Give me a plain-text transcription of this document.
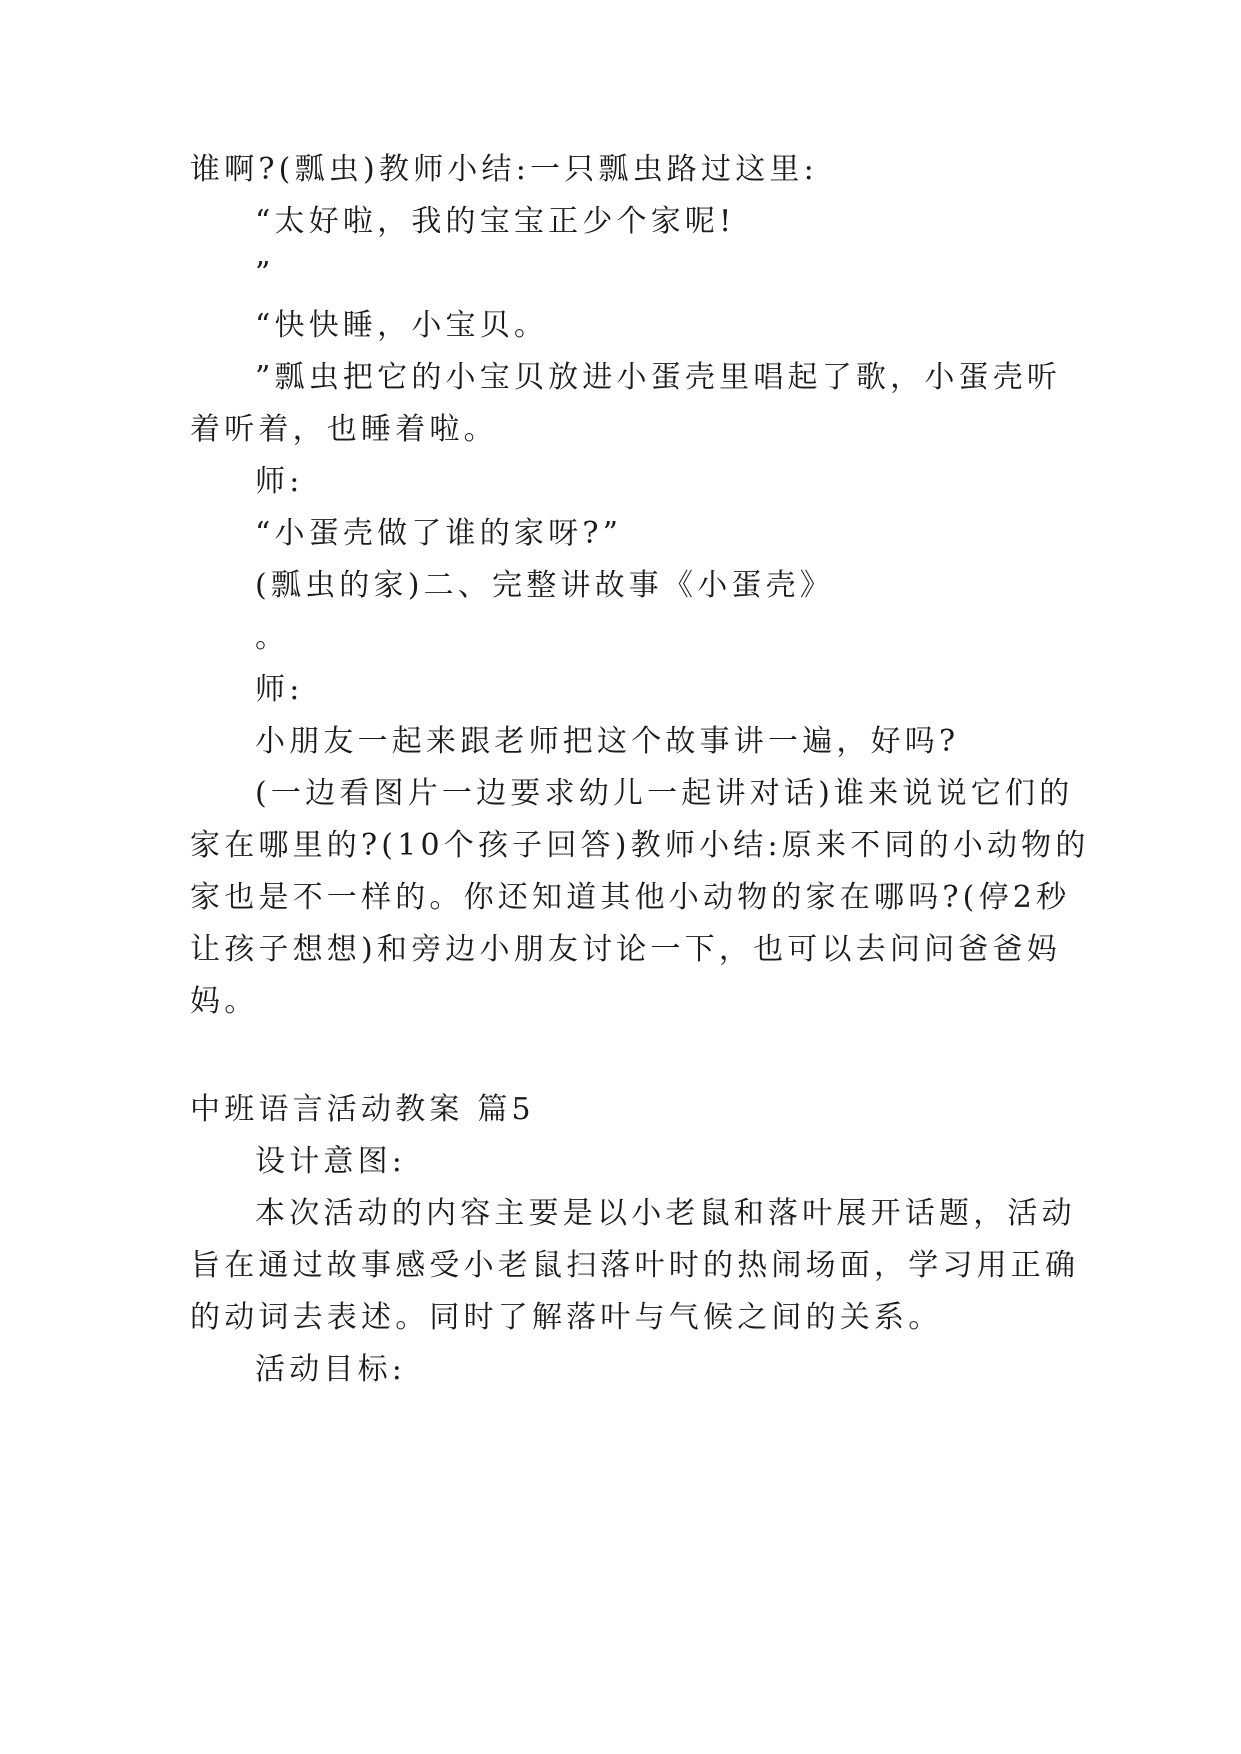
谁啊?(瓢虫)教师小结:一只瓢虫路过这里:
“太好啦，我的宝宝正少个家呢!
”
“快快睡，小宝贝。
”瓢虫把它的小宝贝放进小蛋壳里唱起了歌，小蛋壳听
着听着，也睡着啦。
师:
“小蛋壳做了谁的家呀?”
(瓢虫的家)二、完整讲故事《小蛋壳》
。
师:
小朋友一起来跟老师把这个故事讲一遍，好吗?
(一边看图片一边要求幼儿一起讲对话)谁来说说它们的
家在哪里的?(10个孩子回答)教师小结:原来不同的小动物的
家也是不一样的。你还知道其他小动物的家在哪吗?(停2秒
让孩子想想)和旁边小朋友讨论一下，也可以去问问爸爸妈
妈。
中班语言活动教案 篇5
设计意图:
本次活动的内容主要是以小老鼠和落叶展开话题，活动
旨在通过故事感受小老鼠扫落叶时的热闹场面，学习用正确
的动词去表述。同时了解落叶与气候之间的关系。
活动目标:
